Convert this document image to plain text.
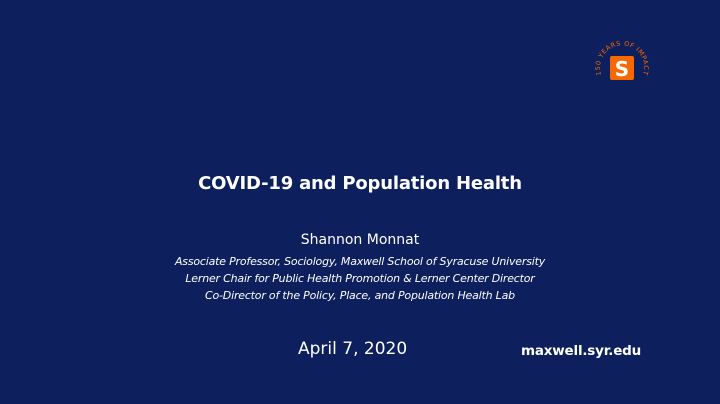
150 YEARS OF IMPACT
S
COVID-19 and Population Health
Shannon Monnat
Associate Professor, Sociology, Maxwell School of Syracuse University
Lerner Chair for Public Health Promotion & Lerner Center Director
Co-Director of the Policy, Place, and Population Health Lab
April 7, 2020	maxwell.syr.edu
